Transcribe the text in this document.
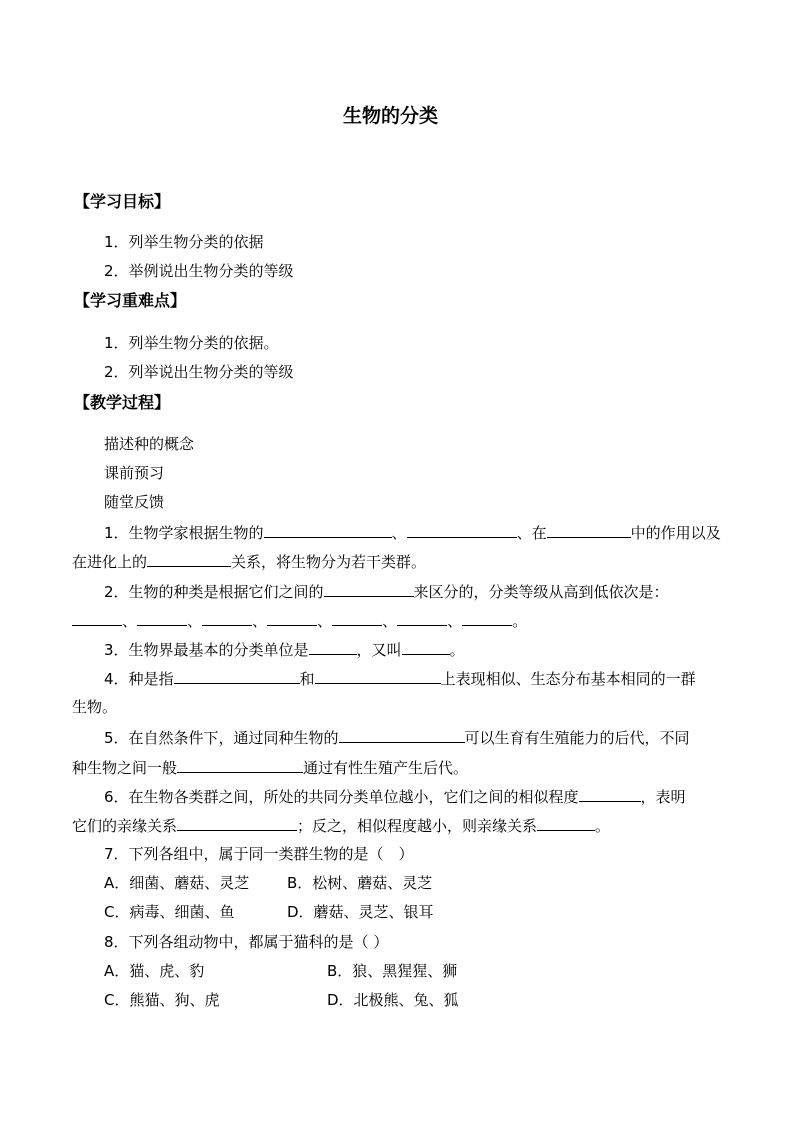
生物的分类
【学习目标】
1．列举生物分类的依据
2．举例说出生物分类的等级
【学习重难点】
1．列举生物分类的依据。
2．列举说出生物分类的等级
【教学过程】
描述种的概念
课前预习
随堂反馈
1．生物学家根据生物的	、	、在	中的作用以及
在进化上的	关系，将生物分为若干类群。
2．生物的种类是根据它们之间的	来区分的，分类等级从高到低依次是：
、	、	、	、	、	、	。
3．生物界最基本的分类单位是	，又叫	。
4．种是指	和	上表现相似、生态分布基本相同的一群
生物。
5．在自然条件下，通过同种生物的	可以生育有生殖能力的后代，不同
种生物之间一般	通过有性生殖产生后代。
6．在生物各类群之间，所处的共同分类单位越小，它们之间的相似程度	，表明
它们的亲缘关系	；反之，相似程度越小，则亲缘关系	。
7．下列各组中，属于同一类群生物的是（　）
A．细菌、蘑菇、灵芝	B．松树、蘑菇、灵芝
C．病毒、细菌、鱼	D．蘑菇、灵芝、银耳
8．下列各组动物中，都属于猫科的是（ ）
A．猫、虎、豹	B．狼、黑猩猩、狮
C．熊猫、狗、虎	D．北极熊、兔、狐
